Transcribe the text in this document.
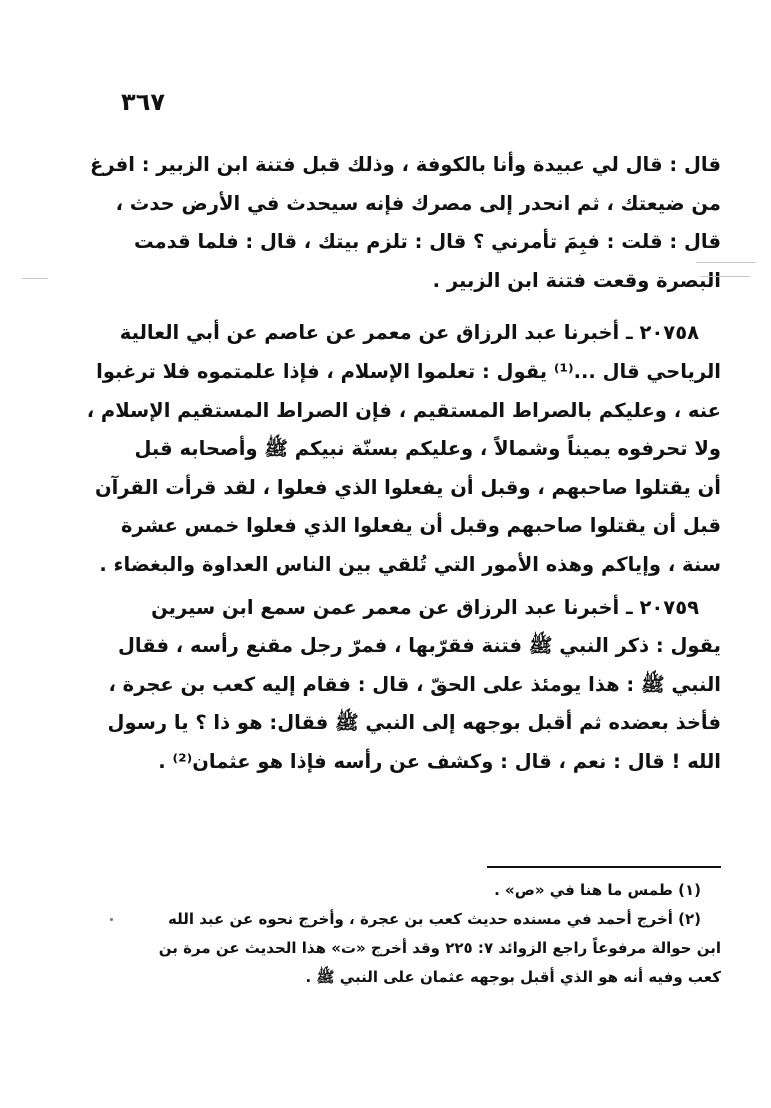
٣٦٧

قال : قال لي عبيدة وأنا بالكوفة ، وذلك قبل فتنة ابن الزبير : افرغ

من ضيعتك ، ثم انحدر إلى مصرك فإنه سيحدث في الأرض حدث ،

قال : قلت : فبِمَ تأمرني ؟ قال : تلزم بيتك ، قال : فلما قدمت

البصرة وقعت فتنة ابن الزبير .

٢٠٧٥٨ ـ أخبرنا عبد الرزاق عن معمر عن عاصم عن أبي العالية

الرياحي قال ...⁽¹⁾ يقول : تعلموا الإسلام ، فإذا علمتموه فلا ترغبوا

عنه ، وعليكم بالصراط المستقيم ، فإن الصراط المستقيم الإسلام ،

ولا تحرفوه يميناً وشمالاً ، وعليكم بسنّة نبيكم ﷺ وأصحابه قبل

أن يقتلوا صاحبهم ، وقبل أن يفعلوا الذي فعلوا ، لقد قرأت القرآن

قبل أن يقتلوا صاحبهم وقبل أن يفعلوا الذي فعلوا خمس عشرة

سنة ، وإياكم وهذه الأمور التي تُلقي بين الناس العداوة والبغضاء .

٢٠٧٥٩ ـ أخبرنا عبد الرزاق عن معمر عمن سمع ابن سيرين

يقول : ذكر النبي ﷺ فتنة فقرّبها ، فمرّ رجل مقنع رأسه ، فقال

النبي ﷺ : هذا يومئذ على الحقّ ، قال : فقام إليه كعب بن عجرة ،

فأخذ بعضده ثم أقبل بوجهه إلى النبي ﷺ فقال: هو ذا ؟ يا رسول

الله ! قال : نعم ، قال : وكشف عن رأسه فإذا هو عثمان⁽²⁾ .

(١) طمس ما هنا في «ص» .

(٢) أخرج أحمد في مسنده حديث كعب بن عجرة ، وأخرج نحوه عن عبد الله

ابن حوالة مرفوعاً راجع الزوائد ٧: ٢٢٥ وقد أخرج «ت» هذا الحديث عن مرة بن

كعب وفيه أنه هو الذي أقبل بوجهه عثمان على النبي ﷺ .
